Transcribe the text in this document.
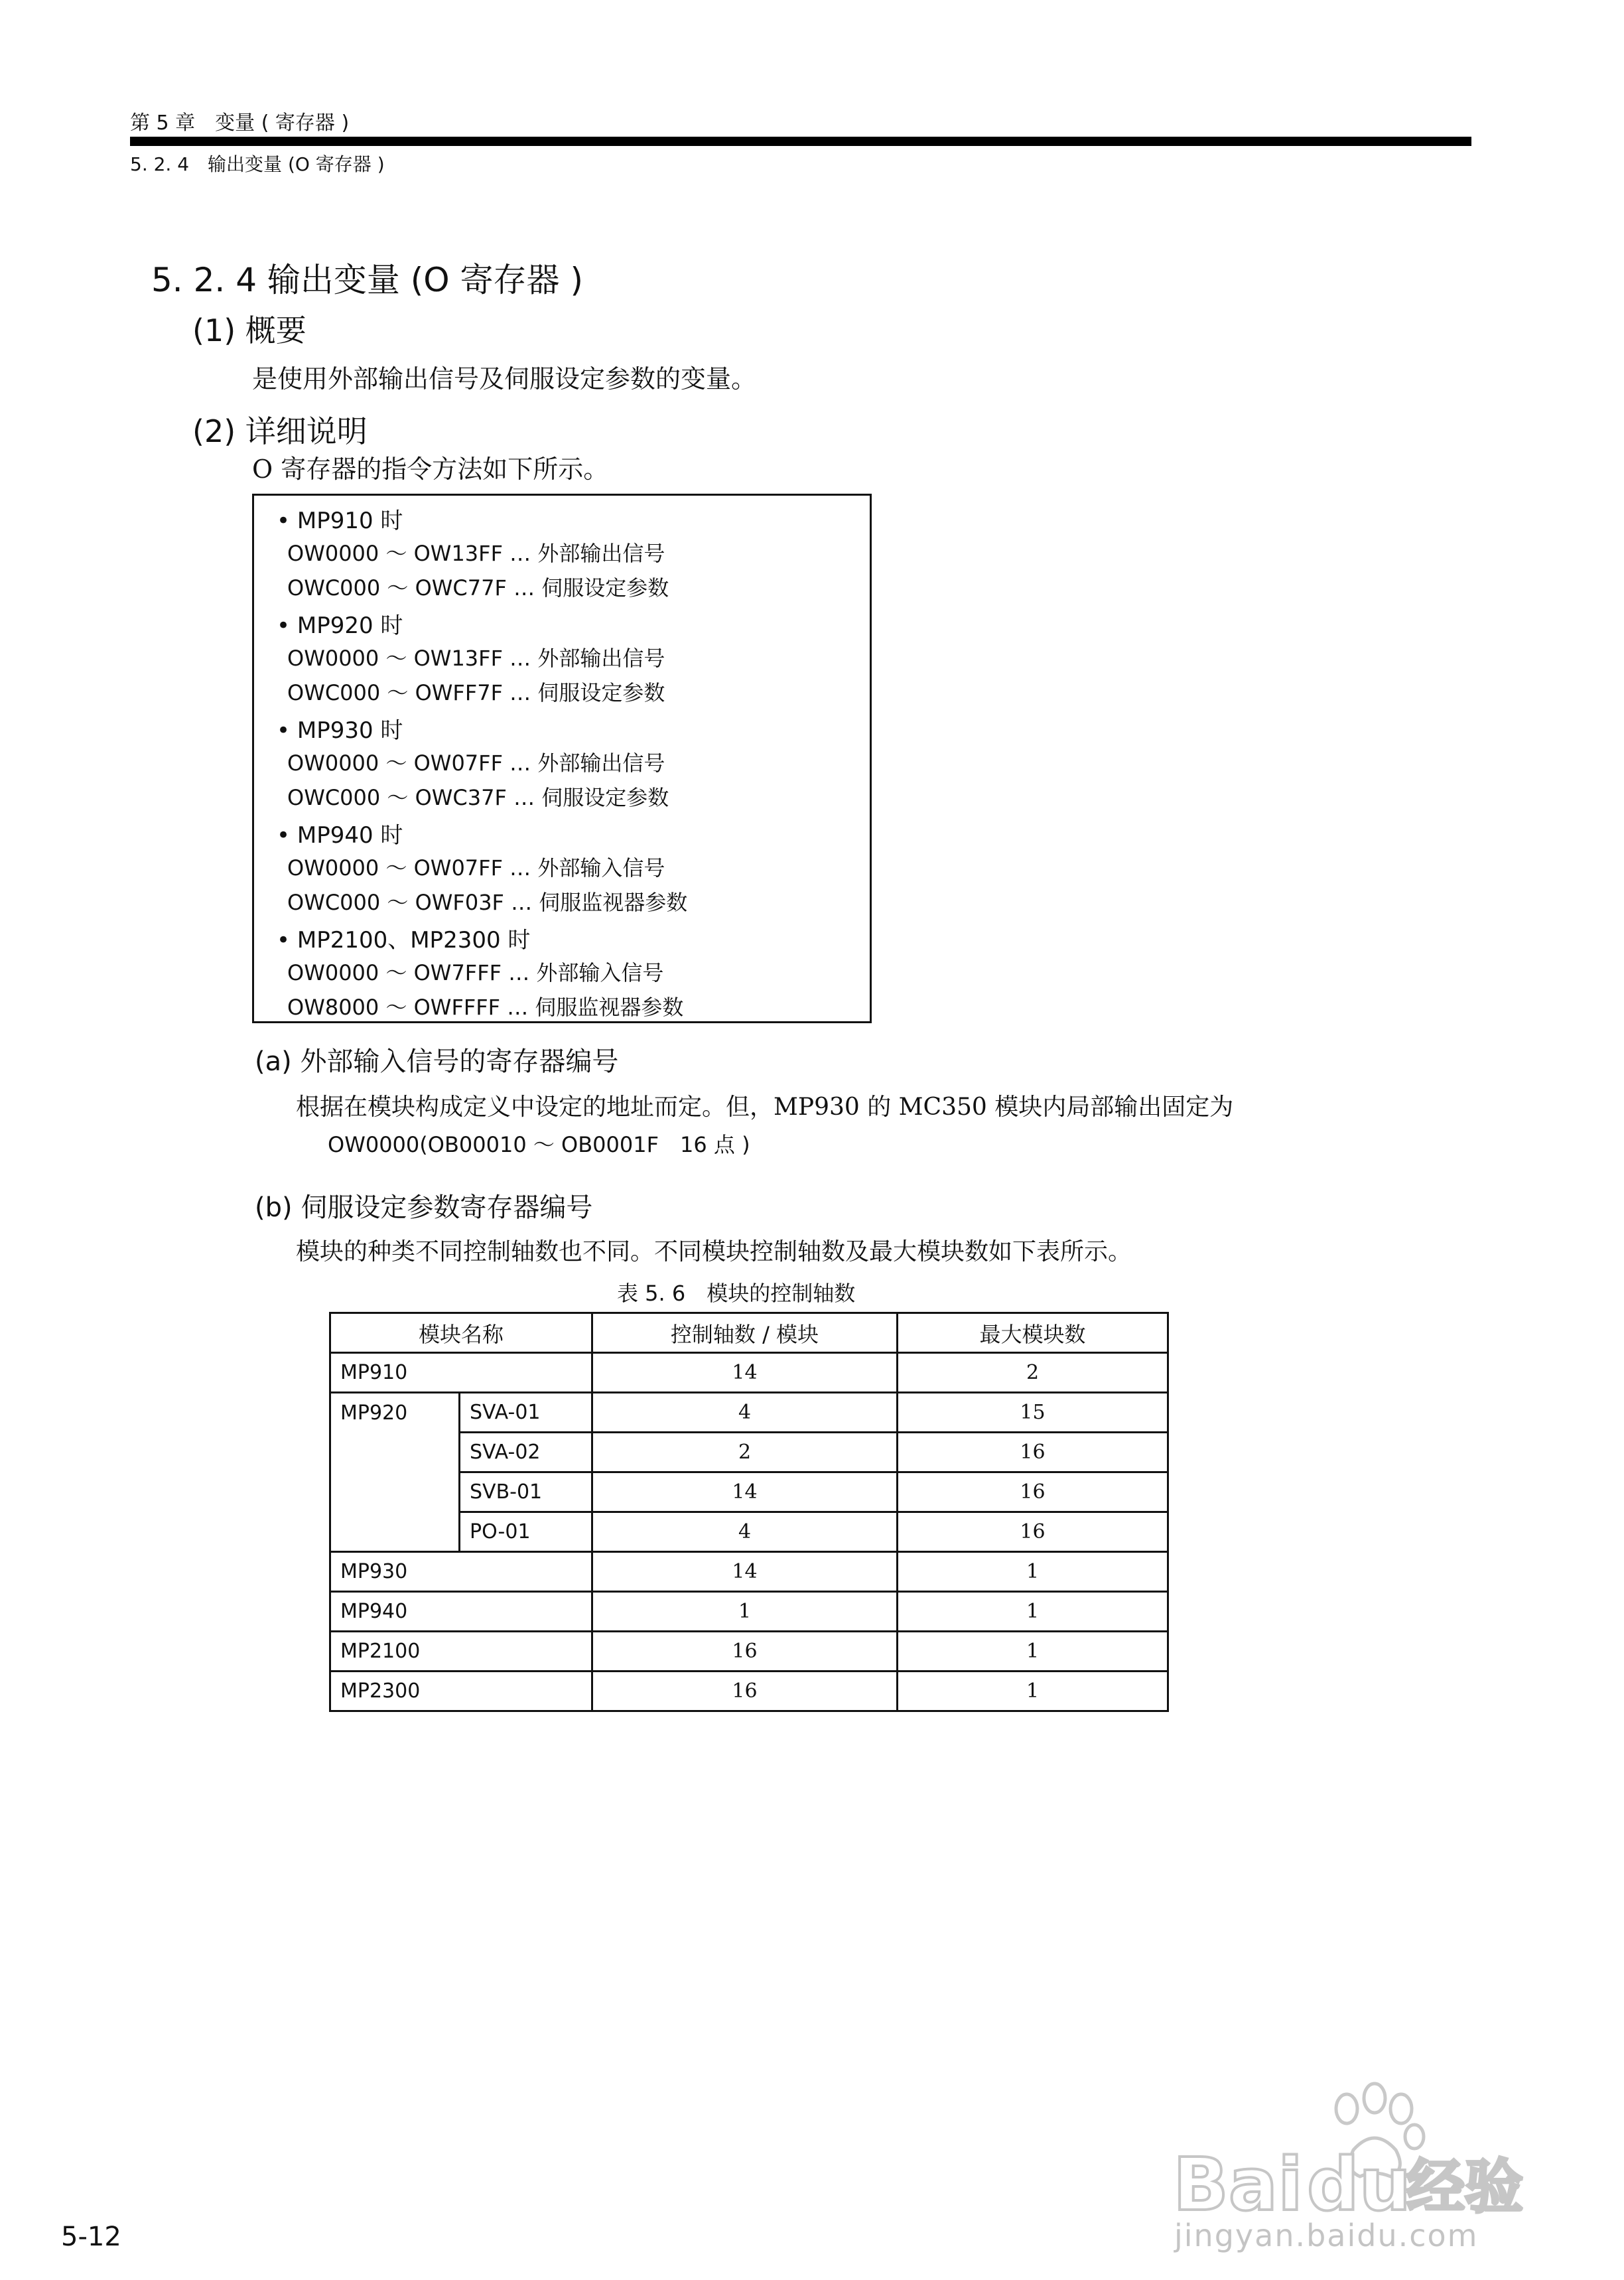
第 5 章　变量 ( 寄存器 )
5. 2. 4　输出变量 (O 寄存器 )
5. 2. 4 输出变量 (O 寄存器 )
(1) 概要
是使用外部输出信号及伺服设定参数的变量。
(2) 详细说明
O 寄存器的指令方法如下所示。
• MP910 时
OW0000 ～ OW13FF … 外部输出信号
OWC000 ～ OWC77F … 伺服设定参数
• MP920 时
OW0000 ～ OW13FF … 外部输出信号
OWC000 ～ OWFF7F … 伺服设定参数
• MP930 时
OW0000 ～ OW07FF … 外部输出信号
OWC000 ～ OWC37F … 伺服设定参数
• MP940 时
OW0000 ～ OW07FF … 外部输入信号
OWC000 ～ OWF03F … 伺服监视器参数
• MP2100、MP2300 时
OW0000 ～ OW7FFF … 外部输入信号
OW8000 ～ OWFFFF … 伺服监视器参数
(a) 外部输入信号的寄存器编号
根据在模块构成定义中设定的地址而定。但，MP930 的 MC350 模块内局部输出固定为
OW0000(OB00010 ～ OB0001F　16 点 )
(b) 伺服设定参数寄存器编号
模块的种类不同控制轴数也不同。不同模块控制轴数及最大模块数如下表所示。
表 5. 6　模块的控制轴数
模块名称		控制轴数 / 模块	最大模块数
MP910		14	2
MP920	SVA-01	4	15
	SVA-02	2	16
	SVB-01	14	16
	PO-01	4	16
MP930		14	1
MP940		1	1
MP2100		16	1
MP2300		16	1
5-12
Bai du
经验
jingyan.baidu.com
